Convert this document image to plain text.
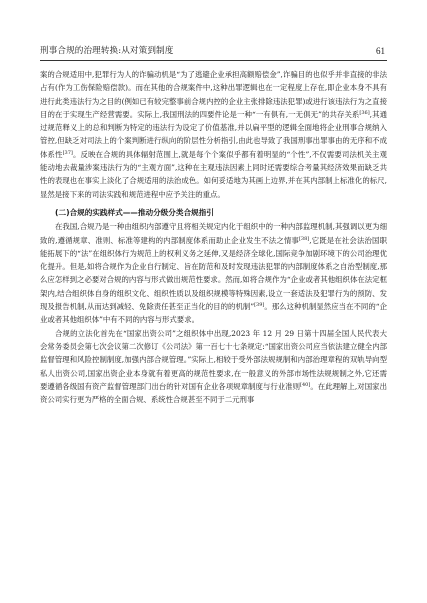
刑事合规的治理转换:从对策到制度	61

案的合规适用中,犯罪行为人的诈骗动机是“为了逃避企业承担高额赔偿金”,诈骗目的也似乎并非直接的非法占有(作为工伤保险赔偿款)。而在其他的合规案件中,这种出罪逻辑也在一定程度上存在,即企业本身不具有进行此类违法行为之目的(例如已有较完整事前合规内控的企业主张排除违法犯罪)或进行该违法行为之直接目的在于实现生产经营需要。实际上,我国刑法的四要件论是一种“一有俱有,一无俱无”的共存关系[36],其通过规范释义上的总和判断为特定的违法行为设定了价值基准,并以扁平型的逻辑全面地将企业刑事合规纳入管控,但缺乏对司法上的个案判断进行纵向的阶层性分析指引,由此也导致了我国刑事出罪事由的无序和不成体系性[37]。反映在合规的具体辐射范围上,就是每个个案似乎都有着明显的“个性”,不仅需要司法机关主观能动地去裁量涉案违法行为的“主观方面”,这种在主观违法因素上同时还需要综合考量其经济效果而缺乏共性的表现也在事实上淡化了合规适用的法治成色。如何妥适地为其画上边界,并在其内部制上标准化的标尺,显然是接下来的司法实践和规范进程中应予关注的重点。

(二)合规的实践样式——推动分级分类合规指引

在我国,合规乃是一种由组织内部遵守且将相关规定内化于组织中的一种内部监理机制,其强调以更为细致的,遵循规章、准则、标准等建构的内部制度体系而助止企业发生不法之情事[38],它既是在社会法治国职能拓展下的“法”在组织体行为规范上的权利义务之延伸,又是经济全球化,国际竞争加剧环境下的公司治理优化提升。但是,如将合规作为企业自行制定、旨在防范和及时发现违法犯罪的内部制度体系之自治型制度,那么应怎样到之必要对合规的内容与形式做出规范性要求。然而,如将合规作为“企业或者其他组织体在法定框架内,结合组织体自身的组织文化、组织性质以及组织规模等特殊因素,设立一套适法及犯罪行为的预防、发现及报告机制,从而达到减轻、免除责任甚至正当化的目的的机制”[39]。那么这种机制显然应当在不同的“企业或者其他组织体”中有不同的内容与形式要求。

合规的立法化首先在“国家出资公司”之组织体中出现,2023 年 12 月 29 日第十四届全国人民代表大会常务委员会第七次会议第二次修订《公司法》第一百七十七条规定:“国家出资公司应当依法建立健全内部监督管理和风险控制制度,加强内部合规管理。”实际上,相较于受外部法规规制和内部治理章程的双轨导向型私人出资公司,国家出资企业本身就有着更高的规范性要求,在一般意义的外部市场性法规规制之外,它还需要遵循各级国有资产监督管理部门出台的针对国有企业各项规章制度与行业准则[40]。在此理解上,对国家出资公司实行更为严格的全面合规、系统性合规甚至不同于二元刑事
